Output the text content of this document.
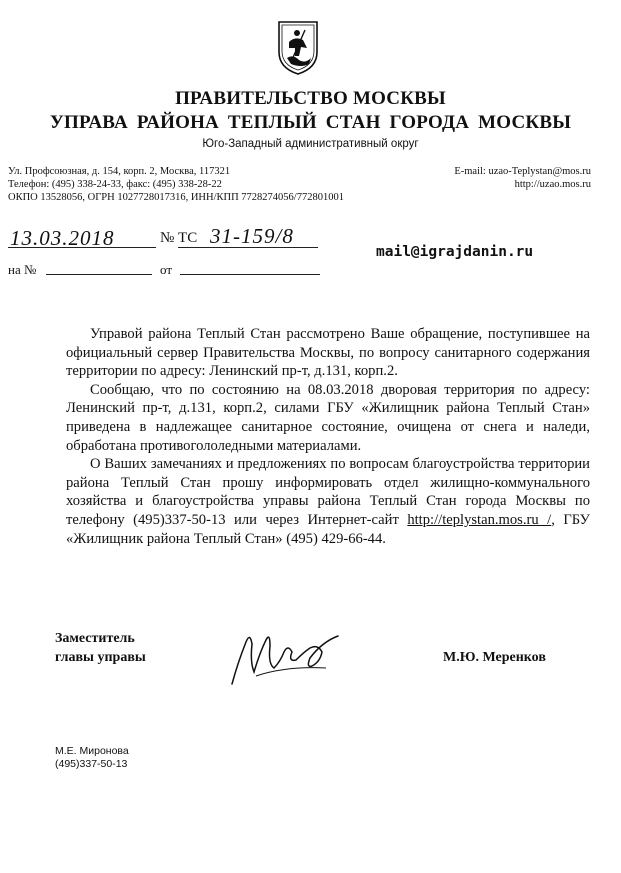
ПРАВИТЕЛЬСТВО МОСКВЫ
УПРАВА РАЙОНА ТЕПЛЫЙ СТАН ГОРОДА МОСКВЫ
Юго-Западный административный округ
Ул. Профсоюзная, д. 154, корп. 2, Москва, 117321
Телефон: (495) 338-24-33, факс: (495) 338-28-22
ОКПО 13528056, ОГРН 1027728017316, ИНН/КПП 7728274056/772801001
E-mail: uzao-Teplystan@mos.ru
http://uzao.mos.ru
13.03.2018	№ ТС 31-159/8
mail@igrajdanin.ru
на №	от

Управой района Теплый Стан рассмотрено Ваше обращение, поступившее на официальный сервер Правительства Москвы, по вопросу санитарного содержания территории по адресу: Ленинский пр-т, д.131, корп.2.

Сообщаю, что по состоянию на 08.03.2018 дворовая территория по адресу: Ленинский пр-т, д.131, корп.2, силами ГБУ «Жилищник района Теплый Стан» приведена в надлежащее санитарное состояние, очищена от снега и наледи, обработана противогололедными материалами.

О Ваших замечаниях и предложениях по вопросам благоустройства территории района Теплый Стан прошу информировать отдел жилищно-коммунального хозяйства и благоустройства управы района Теплый Стан города Москвы по телефону (495)337-50-13 или через Интернет-сайт http://teplystan.mos.ru /, ГБУ «Жилищник района Теплый Стан» (495) 429-66-44.

Заместитель
главы управы	М.Ю. Меренков
М.Е. Миронова
(495)337-50-13
